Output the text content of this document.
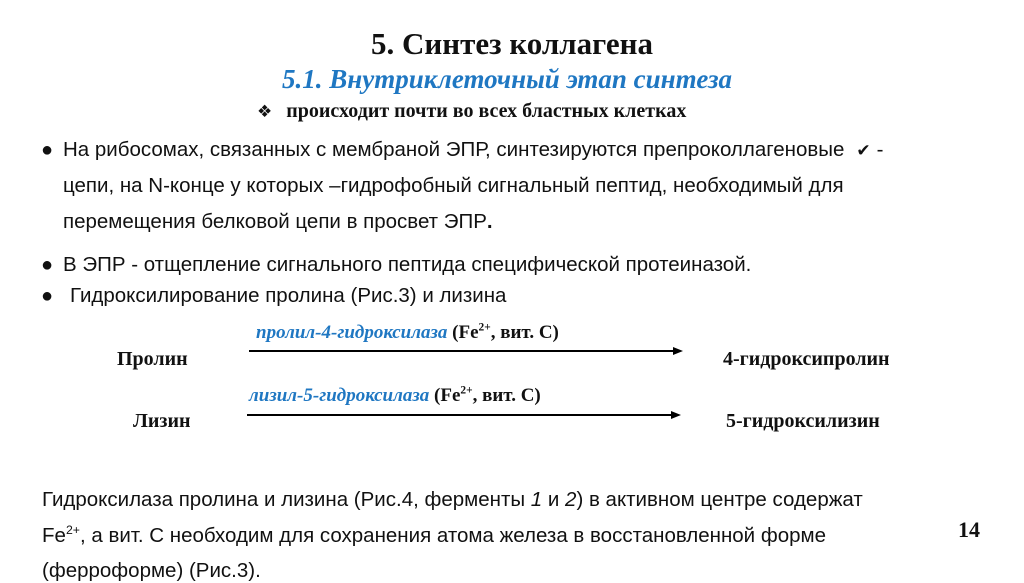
5. Синтез коллагена
5.1. Внутриклеточный этап синтеза
❖ происходит почти во всех бластных клетках
● На рибосомах, связанных с мембраной ЭПР, синтезируются препроколлагеновые ✔ -
цепи, на N-конце у которых –гидрофобный сигнальный пептид, необходимый для
перемещения белковой цепи в просвет ЭПР.
● В ЭПР - отщепление сигнального пептида специфической протеиназой.
● Гидроксилирование пролина (Рис.3) и лизина
пролил-4-гидроксилаза ($Fe^{2+}$, вит. С)
Пролин	4-гидроксипролин
лизил-5-гидроксилаза ($Fe^{2+}$, вит. С)
Лизин	5-гидроксилизин
Гидроксилаза пролина и лизина (Рис.4, ферменты 1 и 2) в активном центре содержат
$Fe^{2+}$, а вит. С необходим для сохранения атома железа в восстановленной форме
(ферроформе) (Рис.3).
14
